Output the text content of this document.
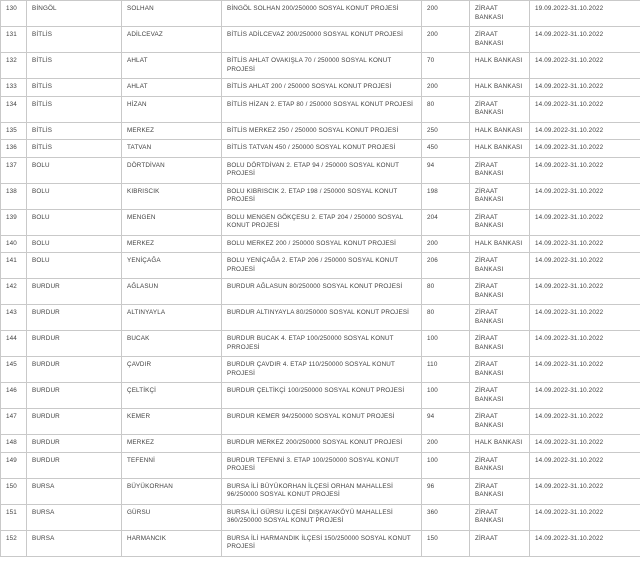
130	BİNGÖL	SOLHAN	BİNGÖL SOLHAN 200/250000 SOSYAL KONUT PROJESİ	200	ZİRAAT BANKASI	19.09.2022-31.10.2022
131	BİTLİS	ADİLCEVAZ	BİTLİS ADİLCEVAZ 200/250000 SOSYAL KONUT PROJESİ	200	ZİRAAT BANKASI	14.09.2022-31.10.2022
132	BİTLİS	AHLAT	BİTLİS AHLAT OVAKIŞLA 70 / 250000 SOSYAL KONUT PROJESİ	70	HALK BANKASI	14.09.2022-31.10.2022
133	BİTLİS	AHLAT	BİTLİS AHLAT 200 / 250000 SOSYAL KONUT PROJESİ	200	HALK BANKASI	14.09.2022-31.10.2022
134	BİTLİS	HİZAN	BİTLİS HİZAN 2. ETAP 80 / 250000 SOSYAL KONUT PROJESİ	80	ZİRAAT BANKASI	14.09.2022-31.10.2022
135	BİTLİS	MERKEZ	BİTLİS MERKEZ 250 / 250000 SOSYAL KONUT PROJESİ	250	HALK BANKASI	14.09.2022-31.10.2022
136	BİTLİS	TATVAN	BİTLİS TATVAN 450 / 250000 SOSYAL KONUT PROJESİ	450	HALK BANKASI	14.09.2022-31.10.2022
137	BOLU	DÖRTDİVAN	BOLU DÖRTDİVAN 2. ETAP 94 / 250000 SOSYAL KONUT PROJESİ	94	ZİRAAT BANKASI	14.09.2022-31.10.2022
138	BOLU	KIBRISCIK	BOLU KIBRISCIK 2. ETAP 198 / 250000 SOSYAL KONUT PROJESİ	198	ZİRAAT BANKASI	14.09.2022-31.10.2022
139	BOLU	MENGEN	BOLU MENGEN GÖKÇESU 2. ETAP 204 / 250000 SOSYAL KONUT PROJESİ	204	ZİRAAT BANKASI	14.09.2022-31.10.2022
140	BOLU	MERKEZ	BOLU MERKEZ 200 / 250000 SOSYAL KONUT PROJESİ	200	HALK BANKASI	14.09.2022-31.10.2022
141	BOLU	YENİÇAĞA	BOLU YENİÇAĞA 2. ETAP 206 / 250000 SOSYAL KONUT PROJESİ	206	ZİRAAT BANKASI	14.09.2022-31.10.2022
142	BURDUR	AĞLASUN	BURDUR AĞLASUN 80/250000 SOSYAL KONUT PROJESİ	80	ZİRAAT BANKASI	14.09.2022-31.10.2022
143	BURDUR	ALTINYAYLA	BURDUR ALTINYAYLA 80/250000 SOSYAL KONUT PROJESİ	80	ZİRAAT BANKASI	14.09.2022-31.10.2022
144	BURDUR	BUCAK	BURDUR BUCAK 4. ETAP 100/250000 SOSYAL KONUT PRROJESİ	100	ZİRAAT BANKASI	14.09.2022-31.10.2022
145	BURDUR	ÇAVDIR	BURDUR ÇAVDIR 4. ETAP 110/250000 SOSYAL KONUT PROJESİ	110	ZİRAAT BANKASI	14.09.2022-31.10.2022
146	BURDUR	ÇELTİKÇİ	BURDUR ÇELTİKÇİ 100/250000 SOSYAL KONUT PROJESİ	100	ZİRAAT BANKASI	14.09.2022-31.10.2022
147	BURDUR	KEMER	BURDUR KEMER 94/250000 SOSYAL KONUT PROJESİ	94	ZİRAAT BANKASI	14.09.2022-31.10.2022
148	BURDUR	MERKEZ	BURDUR MERKEZ 200/250000 SOSYAL KONUT PROJESİ	200	HALK BANKASI	14.09.2022-31.10.2022
149	BURDUR	TEFENNİ	BURDUR TEFENNİ 3. ETAP 100/250000 SOSYAL KONUT PROJESİ	100	ZİRAAT BANKASI	14.09.2022-31.10.2022
150	BURSA	BÜYÜKORHAN	BURSA İLİ BÜYÜKORHAN İLÇESİ ORHAN MAHALLESİ 96/250000 SOSYAL KONUT PROJESİ	96	ZİRAAT BANKASI	14.09.2022-31.10.2022
151	BURSA	GÜRSU	BURSA İLİ GÜRSU İLÇESİ DIŞKAYAKÖYÜ MAHALLESİ 360/250000 SOSYAL KONUT PROJESİ	360	ZİRAAT BANKASI	14.09.2022-31.10.2022
152	BURSA	HARMANCIK	BURSA İLİ HARMANDIK İLÇESİ 150/250000 SOSYAL KONUT PROJESİ	150	ZİRAAT	14.09.2022-31.10.2022
